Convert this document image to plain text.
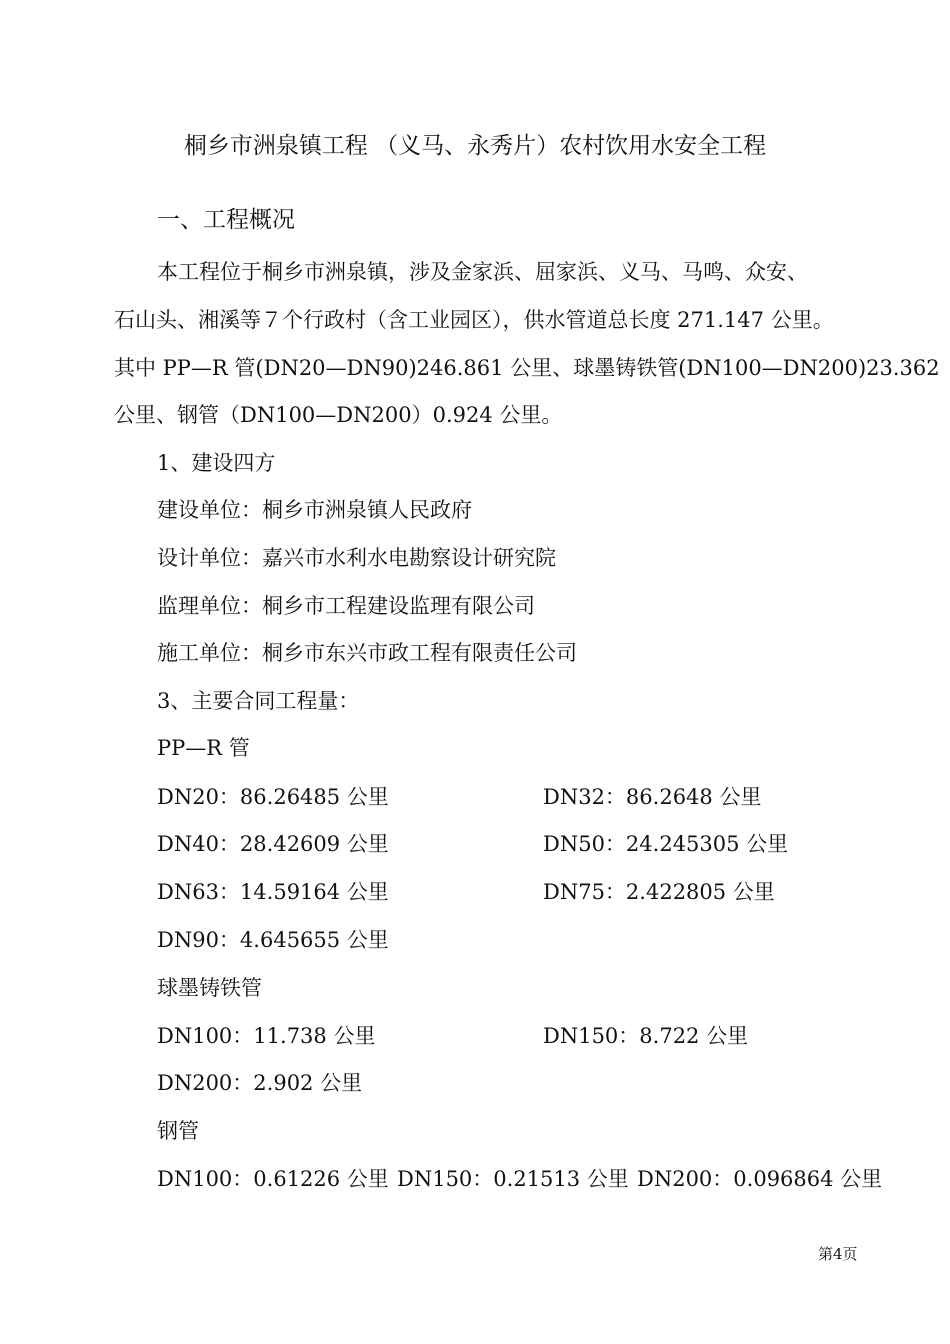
桐乡市洲泉镇工程 （义马、永秀片）农村饮用水安全工程
一、工程概况
本工程位于桐乡市洲泉镇，涉及金家浜、屈家浜、义马、马鸣、众安、
石山头、湘溪等７个行政村（含工业园区），供水管道总长度 271.147 公里。
其中 PP—R 管(DN20—DN90)246.861 公里、球墨铸铁管(DN100—DN200)23.362
公里、钢管（DN100—DN200）0.924 公里。
1、建设四方
建设单位：桐乡市洲泉镇人民政府
设计单位：嘉兴市水利水电勘察设计研究院
监理单位：桐乡市工程建设监理有限公司
施工单位：桐乡市东兴市政工程有限责任公司
3、主要合同工程量：
PP—R 管
DN20：86.26485 公里	DN32：86.2648 公里
DN40：28.42609 公里	DN50：24.245305 公里
DN63：14.59164 公里	DN75：2.422805 公里
DN90：4.645655 公里
球墨铸铁管
DN100：11.738 公里	DN150：8.722 公里
DN200：2.902 公里
钢管
DN100：0.61226 公里 DN150：0.21513 公里 DN200：0.096864 公里
第4页
